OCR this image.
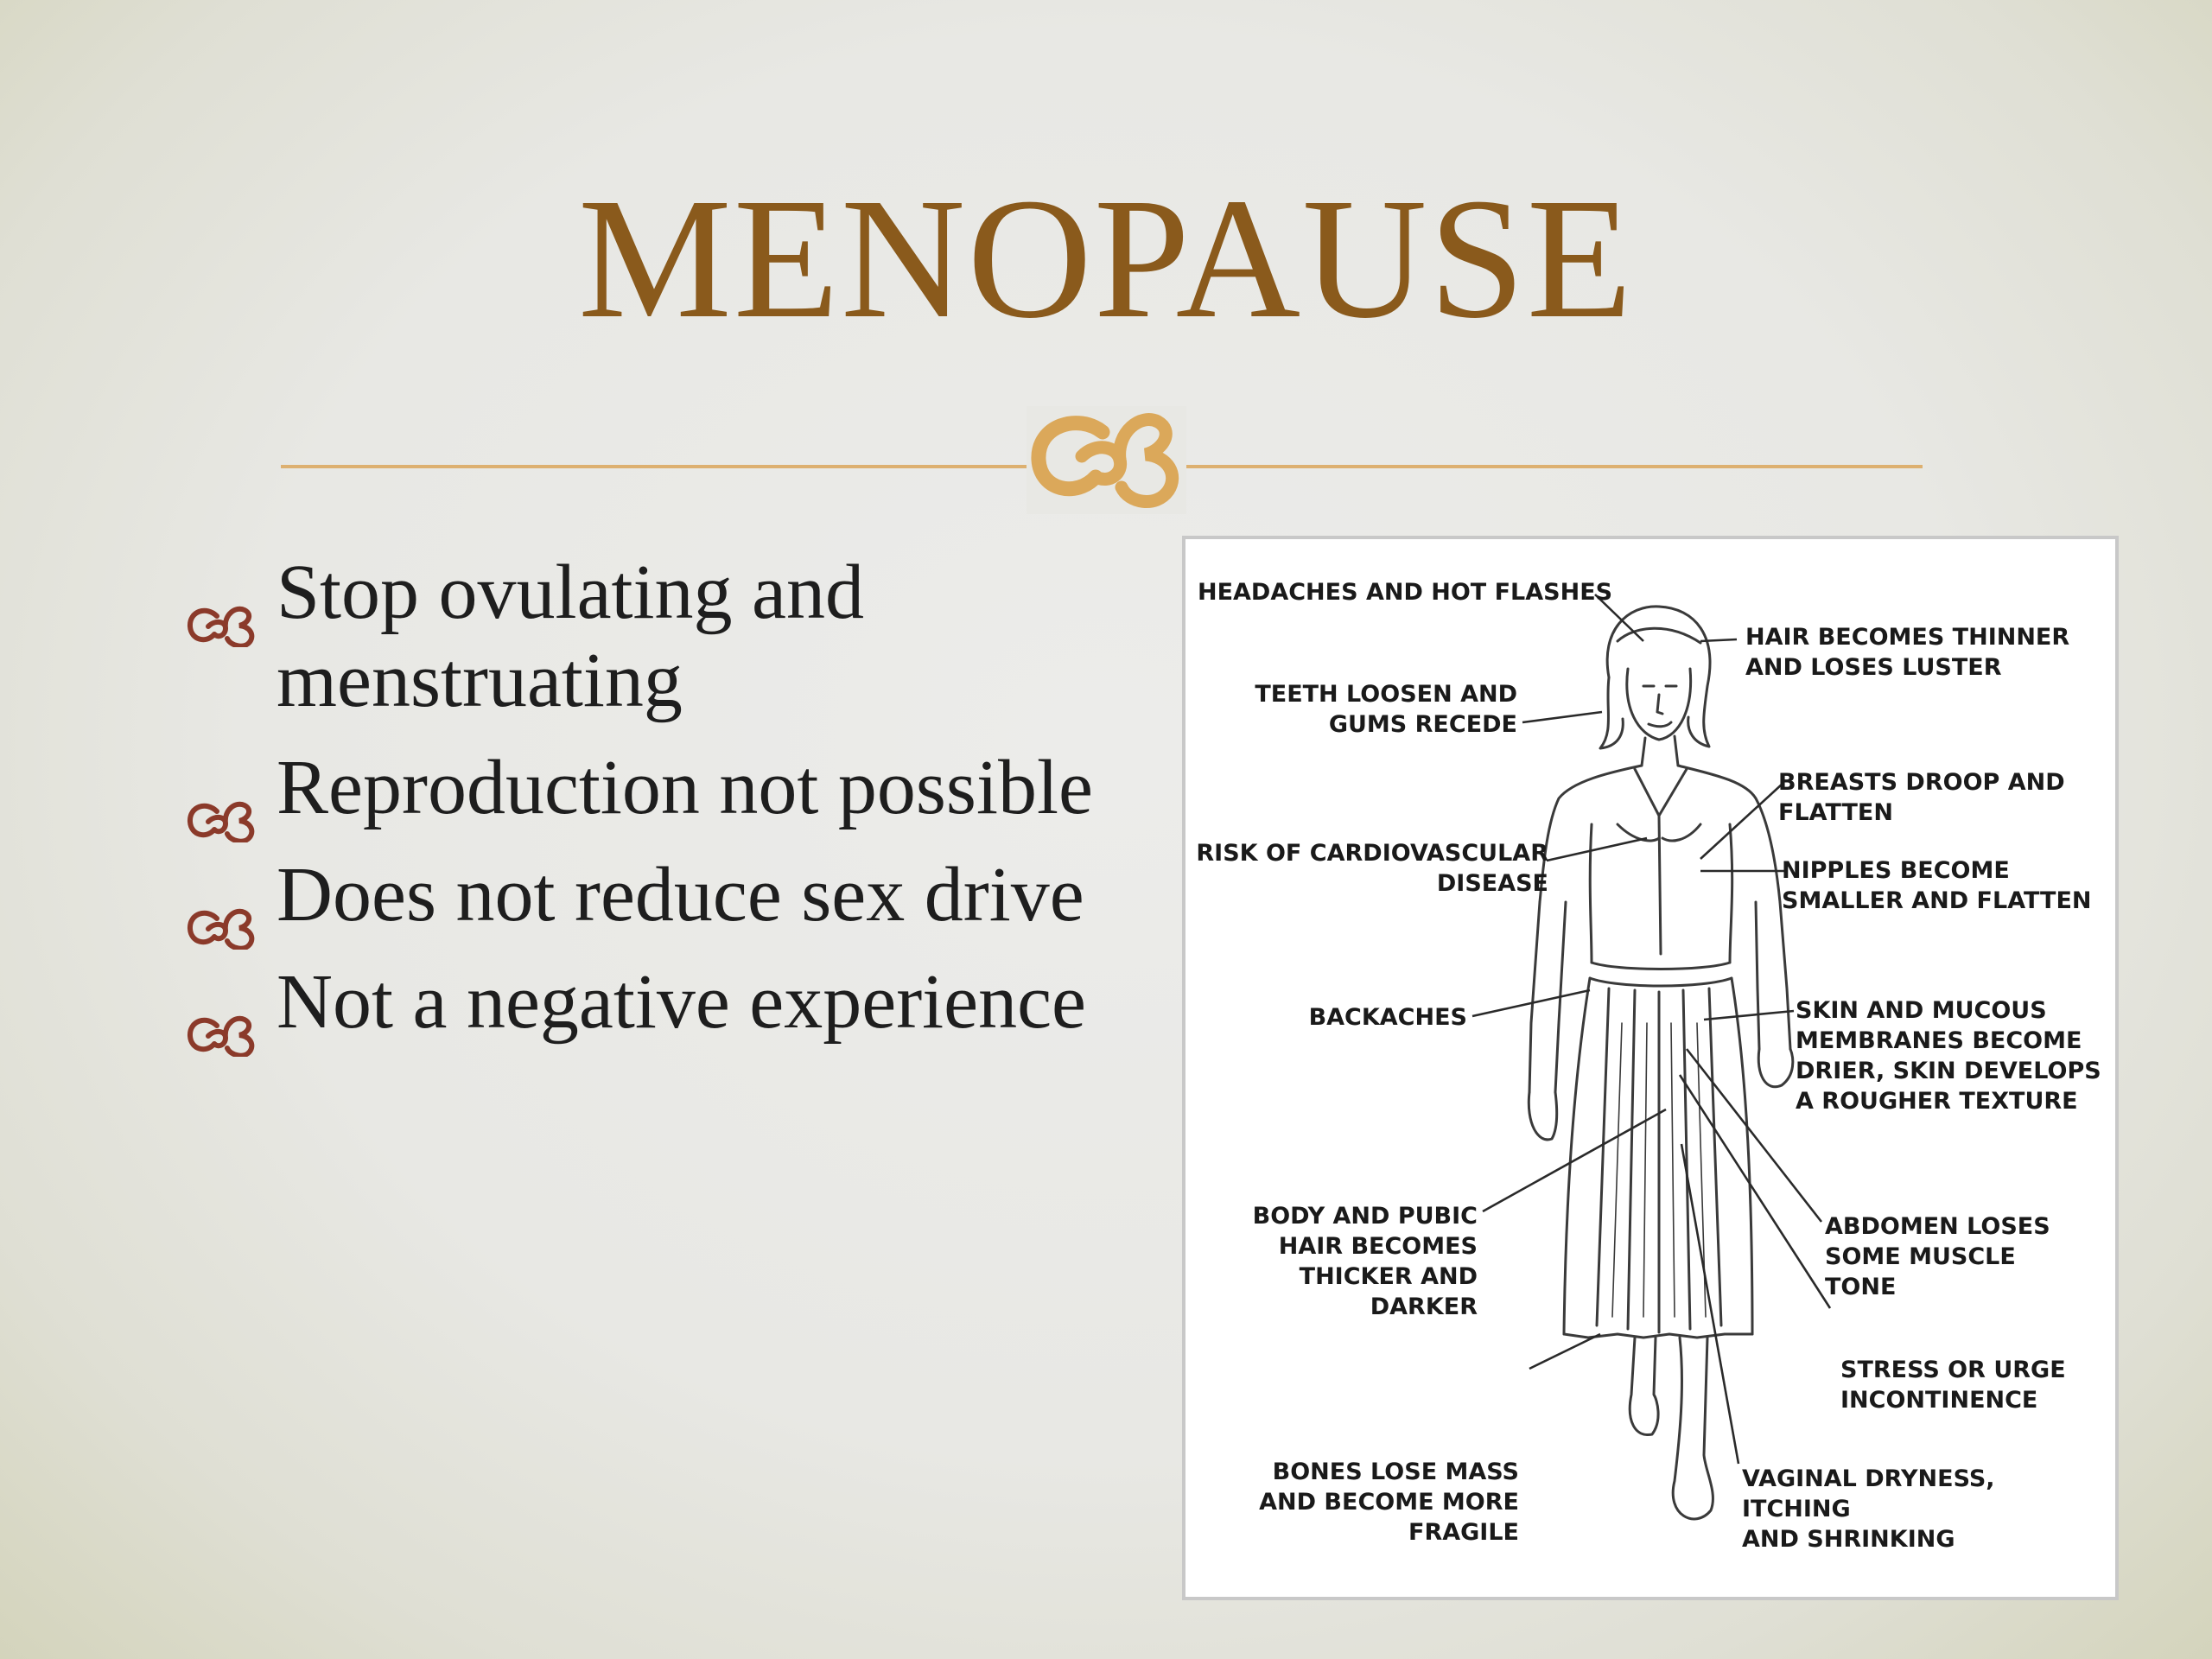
MENOPAUSE
Stop ovulating and menstruating
Reproduction not possible
Does not reduce sex drive
Not a negative experience
HEADACHES AND HOT FLASHES
HAIR BECOMES THINNER
AND LOSES LUSTER
TEETH LOOSEN AND
GUMS RECEDE
BREASTS DROOP AND
FLATTEN
RISK OF CARDIOVASCULAR
DISEASE	NIPPLES BECOME
SMALLER AND FLATTEN
BACKACHES	SKIN AND MUCOUS
MEMBRANES BECOME
DRIER, SKIN DEVELOPS
A ROUGHER TEXTURE
BODY AND PUBIC
HAIR BECOMES
THICKER AND
DARKER
ABDOMEN LOSES
SOME MUSCLE
TONE
STRESS OR URGE
INCONTINENCE
BONES LOSE MASS
AND BECOME MORE
FRAGILE
VAGINAL DRYNESS,
ITCHING
AND SHRINKING
